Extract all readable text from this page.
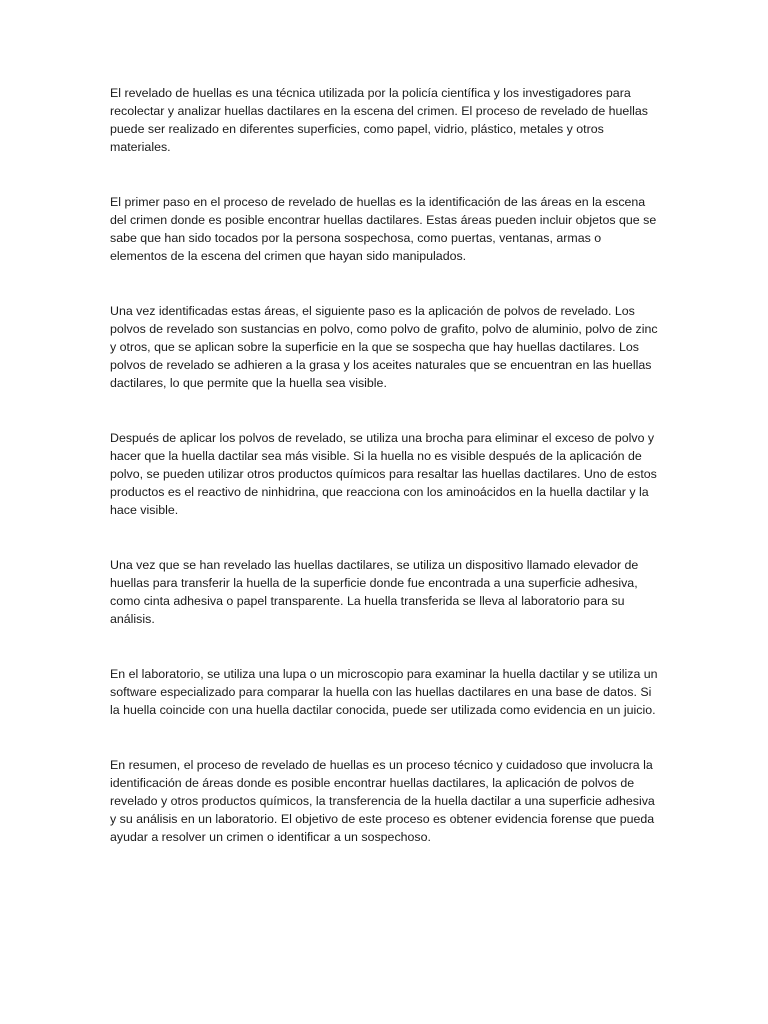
El revelado de huellas es una técnica utilizada por la policía científica y los investigadores para recolectar y analizar huellas dactilares en la escena del crimen. El proceso de revelado de huellas puede ser realizado en diferentes superficies, como papel, vidrio, plástico, metales y otros materiales.

El primer paso en el proceso de revelado de huellas es la identificación de las áreas en la escena del crimen donde es posible encontrar huellas dactilares. Estas áreas pueden incluir objetos que se sabe que han sido tocados por la persona sospechosa, como puertas, ventanas, armas o elementos de la escena del crimen que hayan sido manipulados.

Una vez identificadas estas áreas, el siguiente paso es la aplicación de polvos de revelado. Los polvos de revelado son sustancias en polvo, como polvo de grafito, polvo de aluminio, polvo de zinc y otros, que se aplican sobre la superficie en la que se sospecha que hay huellas dactilares. Los polvos de revelado se adhieren a la grasa y los aceites naturales que se encuentran en las huellas dactilares, lo que permite que la huella sea visible.

Después de aplicar los polvos de revelado, se utiliza una brocha para eliminar el exceso de polvo y hacer que la huella dactilar sea más visible. Si la huella no es visible después de la aplicación de polvo, se pueden utilizar otros productos químicos para resaltar las huellas dactilares. Uno de estos productos es el reactivo de ninhidrina, que reacciona con los aminoácidos en la huella dactilar y la hace visible.

Una vez que se han revelado las huellas dactilares, se utiliza un dispositivo llamado elevador de huellas para transferir la huella de la superficie donde fue encontrada a una superficie adhesiva, como cinta adhesiva o papel transparente. La huella transferida se lleva al laboratorio para su análisis.

En el laboratorio, se utiliza una lupa o un microscopio para examinar la huella dactilar y se utiliza un software especializado para comparar la huella con las huellas dactilares en una base de datos. Si la huella coincide con una huella dactilar conocida, puede ser utilizada como evidencia en un juicio.

En resumen, el proceso de revelado de huellas es un proceso técnico y cuidadoso que involucra la identificación de áreas donde es posible encontrar huellas dactilares, la aplicación de polvos de revelado y otros productos químicos, la transferencia de la huella dactilar a una superficie adhesiva y su análisis en un laboratorio. El objetivo de este proceso es obtener evidencia forense que pueda ayudar a resolver un crimen o identificar a un sospechoso.
